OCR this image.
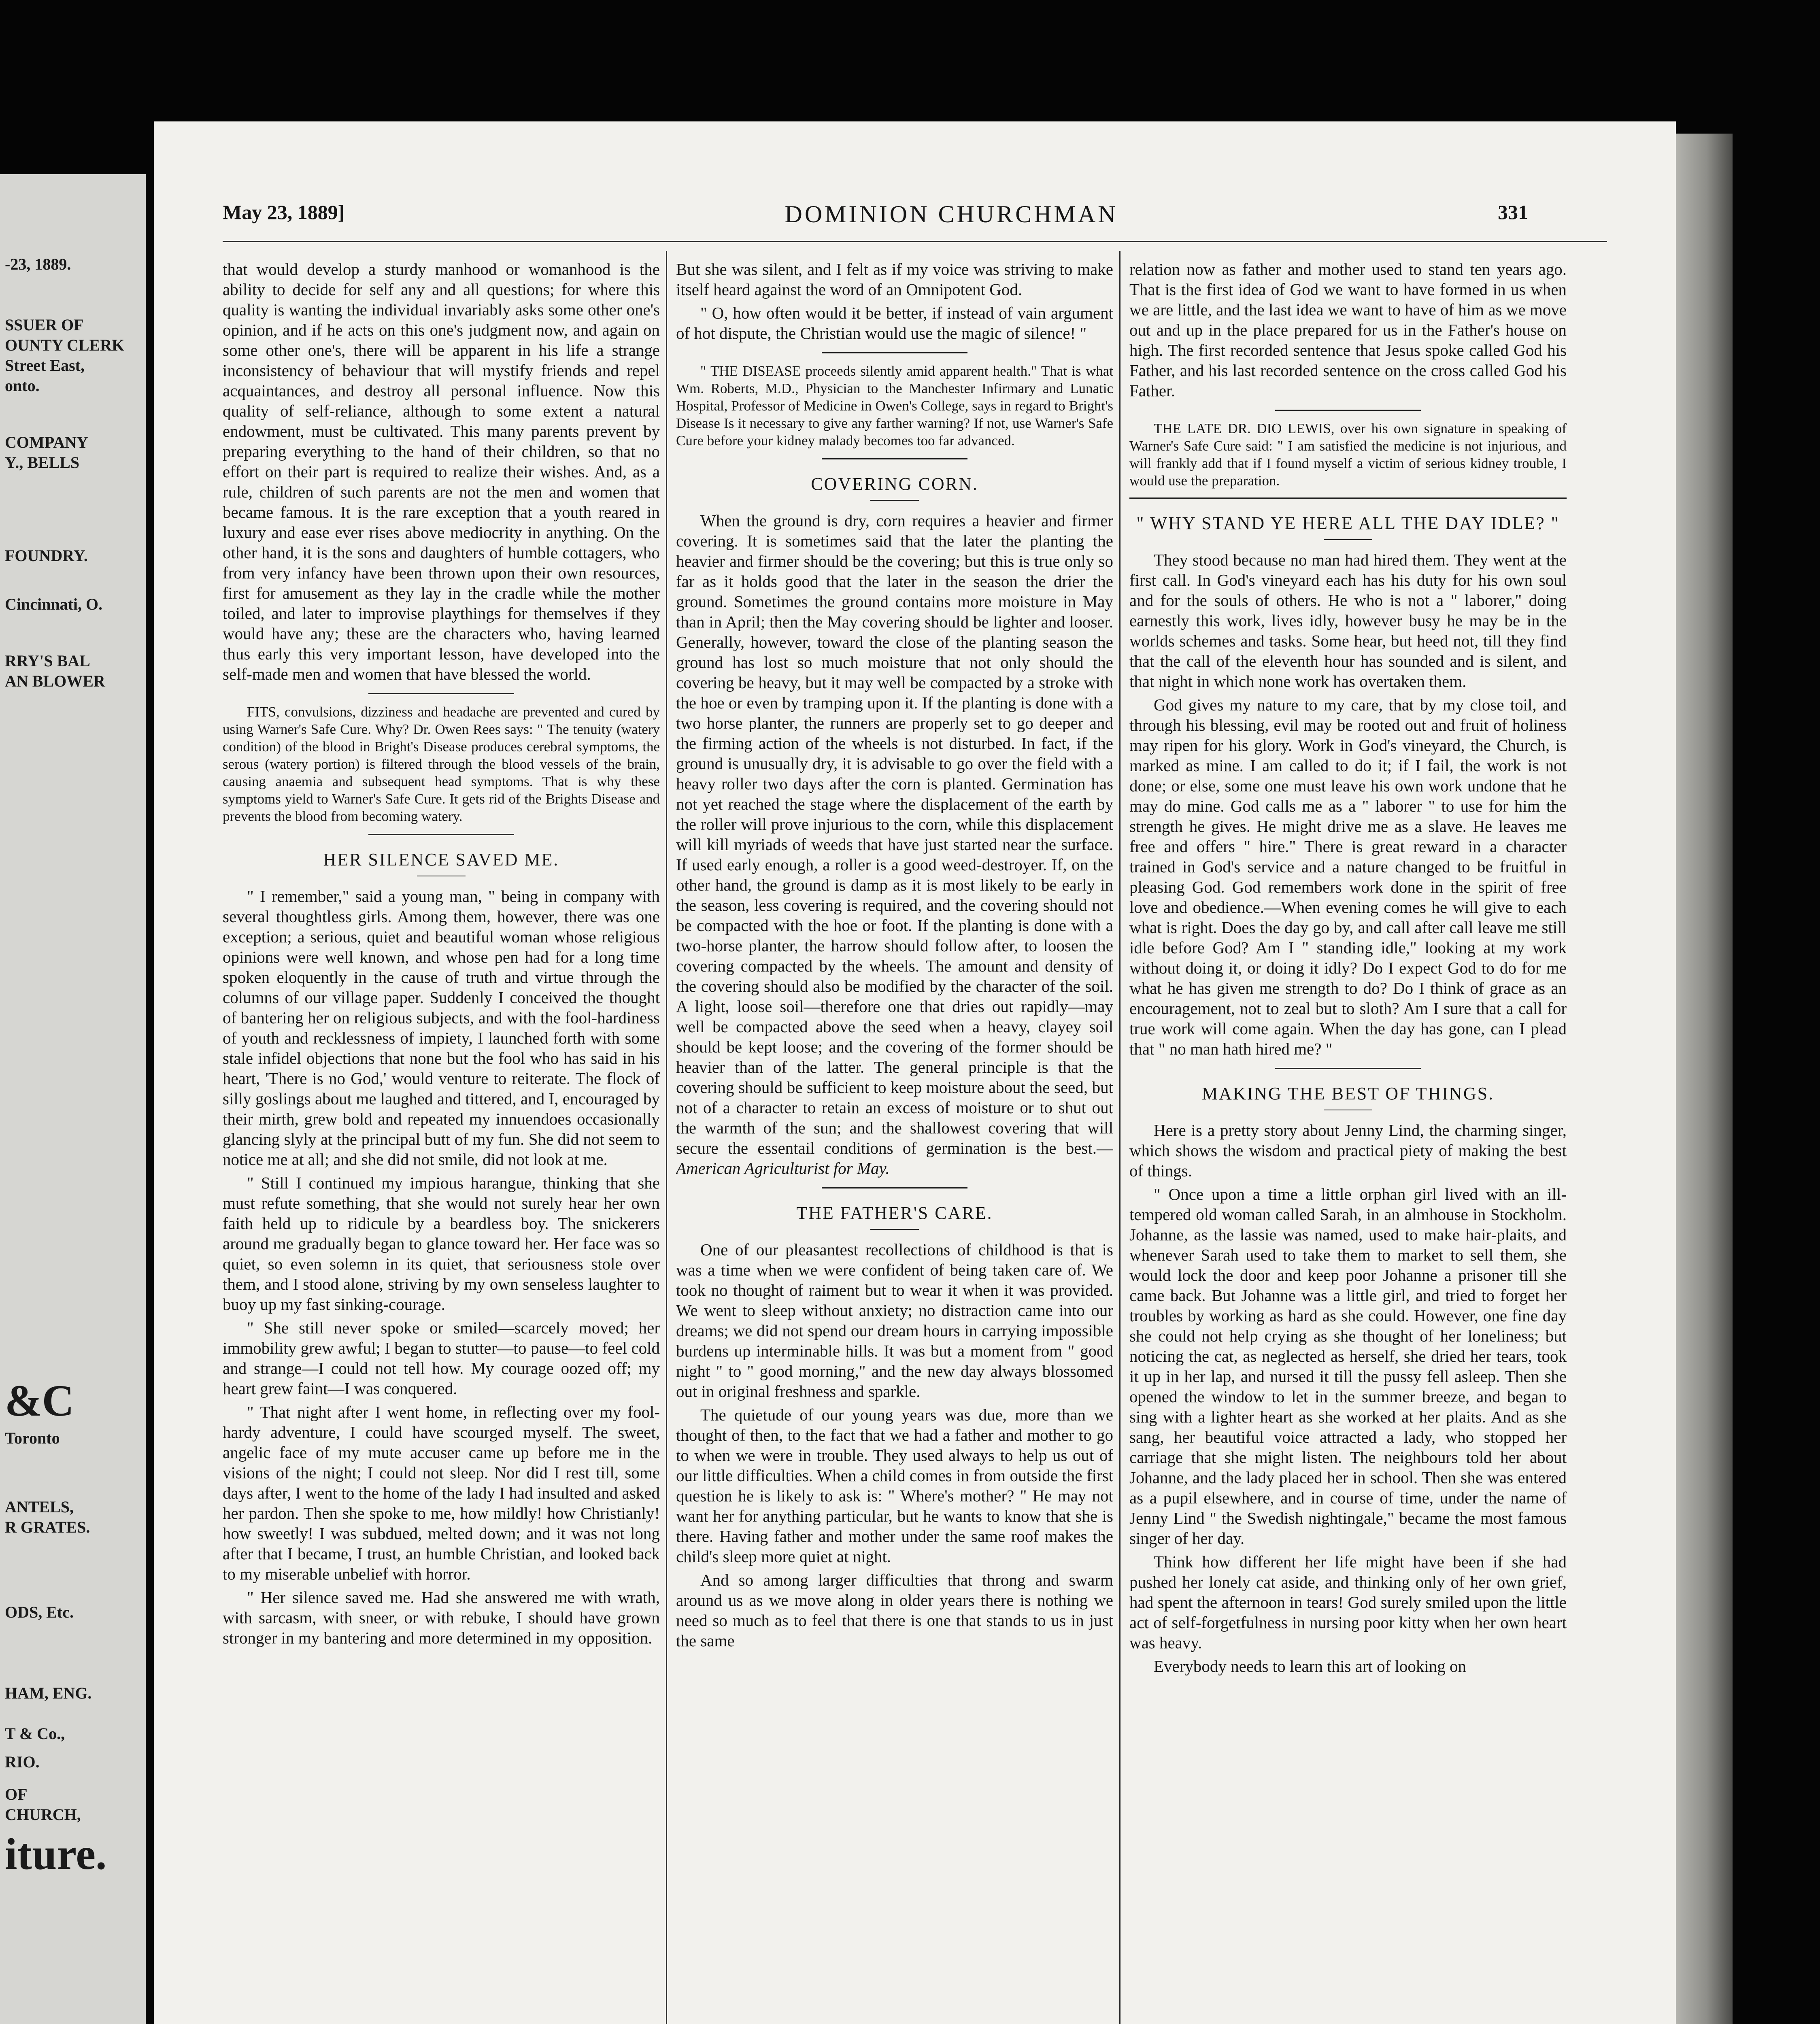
-23, 1889.
SSUER OF
OUNTY CLERK
Street East,
onto.
COMPANY
Y., BELLS
FOUNDRY.
Cincinnati, O.
RRY'S BAL
AN BLOWER
&C
Toronto
ANTELS,
R GRATES.
ODS, Etc.
HAM, ENG.
T & Co.,
RIO.
OF
CHURCH,
iture.
May 23, 1889]	DOMINION CHURCHMAN	331

that would develop a sturdy manhood or womanhood is the ability to decide for self any and all questions; for where this quality is wanting the individual invariably asks some other one's opinion, and if he acts on this one's judgment now, and again on some other one's, there will be apparent in his life a strange inconsistency of behaviour that will mystify friends and repel acquaintances, and destroy all personal influence. Now this quality of self-reliance, although to some extent a natural endowment, must be cultivated. This many parents prevent by preparing everything to the hand of their children, so that no effort on their part is required to realize their wishes. And, as a rule, children of such parents are not the men and women that became famous. It is the rare exception that a youth reared in luxury and ease ever rises above mediocrity in anything. On the other hand, it is the sons and daughters of humble cottagers, who from very infancy have been thrown upon their own resources, first for amusement as they lay in the cradle while the mother toiled, and later to improvise playthings for themselves if they would have any; these are the characters who, having learned thus early this very important lesson, have developed into the self-made men and women that have blessed the world.

FITS, convulsions, dizziness and headache are prevented and cured by using Warner's Safe Cure. Why? Dr. Owen Rees says: " The tenuity (watery condition) of the blood in Bright's Disease produces cerebral symptoms, the serous (watery portion) is filtered through the blood vessels of the brain, causing anaemia and subsequent head symptoms. That is why these symptoms yield to Warner's Safe Cure. It gets rid of the Brights Disease and prevents the blood from becoming watery.

HER SILENCE SAVED ME.

" I remember," said a young man, " being in company with several thoughtless girls. Among them, however, there was one exception; a serious, quiet and beautiful woman whose religious opinions were well known, and whose pen had for a long time spoken eloquently in the cause of truth and virtue through the columns of our village paper. Suddenly I conceived the thought of bantering her on religious subjects, and with the fool-hardiness of youth and recklessness of impiety, I launched forth with some stale infidel objections that none but the fool who has said in his heart, 'There is no God,' would venture to reiterate. The flock of silly goslings about me laughed and tittered, and I, encouraged by their mirth, grew bold and repeated my innuendoes occasionally glancing slyly at the principal butt of my fun. She did not seem to notice me at all; and she did not smile, did not look at me.

" Still I continued my impious harangue, thinking that she must refute something, that she would not surely hear her own faith held up to ridicule by a beardless boy. The snickerers around me gradually began to glance toward her. Her face was so quiet, so even solemn in its quiet, that seriousness stole over them, and I stood alone, striving by my own senseless laughter to buoy up my fast sinking-courage.

" She still never spoke or smiled—scarcely moved; her immobility grew awful; I began to stutter—to pause—to feel cold and strange—I could not tell how. My courage oozed off; my heart grew faint—I was conquered.

" That night after I went home, in reflecting over my fool-hardy adventure, I could have scourged myself. The sweet, angelic face of my mute accuser came up before me in the visions of the night; I could not sleep. Nor did I rest till, some days after, I went to the home of the lady I had insulted and asked her pardon. Then she spoke to me, how mildly! how Christianly! how sweetly! I was subdued, melted down; and it was not long after that I became, I trust, an humble Christian, and looked back to my miserable unbelief with horror.

" Her silence saved me. Had she answered me with wrath, with sarcasm, with sneer, or with rebuke, I should have grown stronger in my bantering and more determined in my opposition.

But she was silent, and I felt as if my voice was striving to make itself heard against the word of an Omnipotent God.

" O, how often would it be better, if instead of vain argument of hot dispute, the Christian would use the magic of silence! "

" THE DISEASE proceeds silently amid apparent health." That is what Wm. Roberts, M.D., Physician to the Manchester Infirmary and Lunatic Hospital, Professor of Medicine in Owen's College, says in regard to Bright's Disease Is it necessary to give any farther warning? If not, use Warner's Safe Cure before your kidney malady becomes too far advanced.

COVERING CORN.

When the ground is dry, corn requires a heavier and firmer covering. It is sometimes said that the later the planting the heavier and firmer should be the covering; but this is true only so far as it holds good that the later in the season the drier the ground. Sometimes the ground contains more moisture in May than in April; then the May covering should be lighter and looser. Generally, however, toward the close of the planting season the ground has lost so much moisture that not only should the covering be heavy, but it may well be compacted by a stroke with the hoe or even by tramping upon it. If the planting is done with a two horse planter, the runners are properly set to go deeper and the firming action of the wheels is not disturbed. In fact, if the ground is unusually dry, it is advisable to go over the field with a heavy roller two days after the corn is planted. Germination has not yet reached the stage where the displacement of the earth by the roller will prove injurious to the corn, while this displacement will kill myriads of weeds that have just started near the surface. If used early enough, a roller is a good weed-destroyer. If, on the other hand, the ground is damp as it is most likely to be early in the season, less covering is required, and the covering should not be compacted with the hoe or foot. If the planting is done with a two-horse planter, the harrow should follow after, to loosen the covering compacted by the wheels. The amount and density of the covering should also be modified by the character of the soil. A light, loose soil—therefore one that dries out rapidly—may well be compacted above the seed when a heavy, clayey soil should be kept loose; and the covering of the former should be heavier than of the latter. The general principle is that the covering should be sufficient to keep moisture about the seed, but not of a character to retain an excess of moisture or to shut out the warmth of the sun; and the shallowest covering that will secure the essentail conditions of germination is the best.—American Agriculturist for May.

THE FATHER'S CARE.

One of our pleasantest recollections of childhood is that is was a time when we were confident of being taken care of. We took no thought of raiment but to wear it when it was provided. We went to sleep without anxiety; no distraction came into our dreams; we did not spend our dream hours in carrying impossible burdens up interminable hills. It was but a moment from " good night " to " good morning," and the new day always blossomed out in original freshness and sparkle.

The quietude of our young years was due, more than we thought of then, to the fact that we had a father and mother to go to when we were in trouble. They used always to help us out of our little difficulties. When a child comes in from outside the first question he is likely to ask is: " Where's mother? " He may not want her for anything particular, but he wants to know that she is there. Having father and mother under the same roof makes the child's sleep more quiet at night.

And so among larger difficulties that throng and swarm around us as we move along in older years there is nothing we need so much as to feel that there is one that stands to us in just the same

relation now as father and mother used to stand ten years ago. That is the first idea of God we want to have formed in us when we are little, and the last idea we want to have of him as we move out and up in the place prepared for us in the Father's house on high. The first recorded sentence that Jesus spoke called God his Father, and his last recorded sentence on the cross called God his Father.

THE LATE DR. DIO LEWIS, over his own signature in speaking of Warner's Safe Cure said: " I am satisfied the medicine is not injurious, and will frankly add that if I found myself a victim of serious kidney trouble, I would use the preparation.

" WHY STAND YE HERE ALL THE DAY IDLE? "

They stood because no man had hired them. They went at the first call. In God's vineyard each has his duty for his own soul and for the souls of others. He who is not a " laborer," doing earnestly this work, lives idly, however busy he may be in the worlds schemes and tasks. Some hear, but heed not, till they find that the call of the eleventh hour has sounded and is silent, and that night in which none work has overtaken them.

God gives my nature to my care, that by my close toil, and through his blessing, evil may be rooted out and fruit of holiness may ripen for his glory. Work in God's vineyard, the Church, is marked as mine. I am called to do it; if I fail, the work is not done; or else, some one must leave his own work undone that he may do mine. God calls me as a " laborer " to use for him the strength he gives. He might drive me as a slave. He leaves me free and offers " hire." There is great reward in a character trained in God's service and a nature changed to be fruitful in pleasing God. God remembers work done in the spirit of free love and obedience.—When evening comes he will give to each what is right. Does the day go by, and call after call leave me still idle before God? Am I " standing idle," looking at my work without doing it, or doing it idly? Do I expect God to do for me what he has given me strength to do? Do I think of grace as an encouragement, not to zeal but to sloth? Am I sure that a call for true work will come again. When the day has gone, can I plead that " no man hath hired me? "

MAKING THE BEST OF THINGS.

Here is a pretty story about Jenny Lind, the charming singer, which shows the wisdom and practical piety of making the best of things.

" Once upon a time a little orphan girl lived with an ill-tempered old woman called Sarah, in an almhouse in Stockholm. Johanne, as the lassie was named, used to make hair-plaits, and whenever Sarah used to take them to market to sell them, she would lock the door and keep poor Johanne a prisoner till she came back. But Johanne was a little girl, and tried to forget her troubles by working as hard as she could. However, one fine day she could not help crying as she thought of her loneliness; but noticing the cat, as neglected as herself, she dried her tears, took it up in her lap, and nursed it till the pussy fell asleep. Then she opened the window to let in the summer breeze, and began to sing with a lighter heart as she worked at her plaits. And as she sang, her beautiful voice attracted a lady, who stopped her carriage that she might listen. The neighbours told her about Johanne, and the lady placed her in school. Then she was entered as a pupil elsewhere, and in course of time, under the name of Jenny Lind " the Swedish nightingale," became the most famous singer of her day.

Think how different her life might have been if she had pushed her lonely cat aside, and thinking only of her own grief, had spent the afternoon in tears! God surely smiled upon the little act of self-forgetfulness in nursing poor kitty when her own heart was heavy.

Everybody needs to learn this art of looking on
